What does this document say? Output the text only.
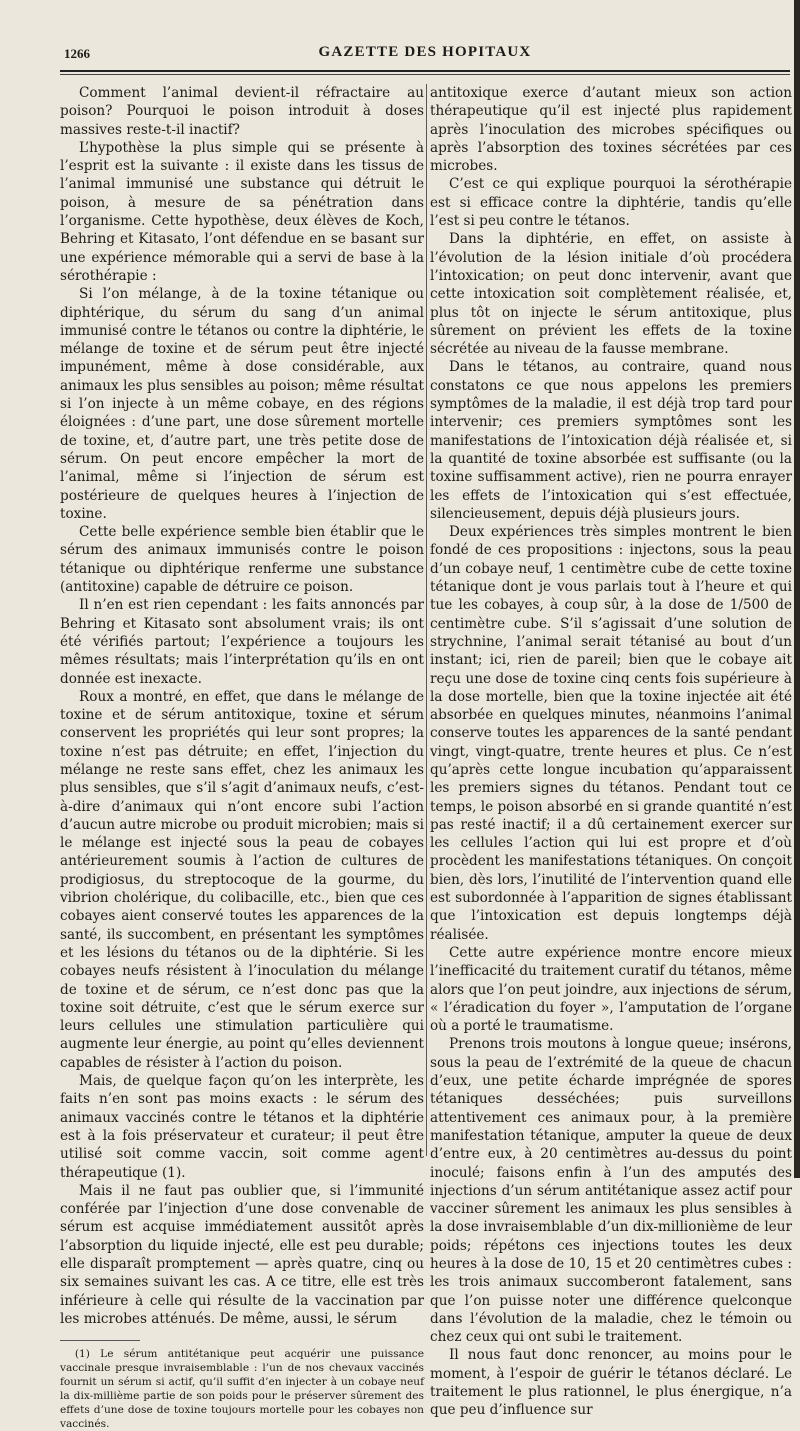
1266	GAZETTE DES HOPITAUX

Comment l’animal devient-il réfractaire au poison? Pourquoi le poison introduit à doses massives reste-t-il inactif?

L’hypothèse la plus simple qui se présente à l’esprit est la suivante : il existe dans les tissus de l’animal immunisé une substance qui détruit le poison, à mesure de sa pénétration dans l’organisme. Cette hypothèse, deux élèves de Koch, Behring et Kitasato, l’ont défendue en se basant sur une expérience mémorable qui a servi de base à la sérothérapie :

Si l’on mélange, à de la toxine tétanique ou diphtérique, du sérum du sang d’un animal immunisé contre le tétanos ou contre la diphtérie, le mélange de toxine et de sérum peut être injecté impunément, même à dose considérable, aux animaux les plus sensibles au poison; même résultat si l’on injecte à un même cobaye, en des régions éloignées : d’une part, une dose sûrement mortelle de toxine, et, d’autre part, une très petite dose de sérum. On peut encore empêcher la mort de l’animal, même si l’injection de sérum est postérieure de quelques heures à l’injection de toxine.

Cette belle expérience semble bien établir que le sérum des animaux immunisés contre le poison tétanique ou diphtérique renferme une substance (antitoxine) capable de détruire ce poison.

Il n’en est rien cependant : les faits annoncés par Behring et Kitasato sont absolument vrais; ils ont été vérifiés partout; l’expérience a toujours les mêmes résultats; mais l’interprétation qu’ils en ont donnée est inexacte.

Roux a montré, en effet, que dans le mélange de toxine et de sérum antitoxique, toxine et sérum conservent les propriétés qui leur sont propres; la toxine n’est pas détruite; en effet, l’injection du mélange ne reste sans effet, chez les animaux les plus sensibles, que s’il s’agit d’animaux neufs, c’est-à-dire d’animaux qui n’ont encore subi l’action d’aucun autre microbe ou produit microbien; mais si le mélange est injecté sous la peau de cobayes antérieurement soumis à l’action de cultures de prodigiosus, du streptocoque de la gourme, du vibrion cholérique, du colibacille, etc., bien que ces cobayes aient conservé toutes les apparences de la santé, ils succombent, en présentant les symptômes et les lésions du tétanos ou de la diphtérie. Si les cobayes neufs résistent à l’inoculation du mélange de toxine et de sérum, ce n’est donc pas que la toxine soit détruite, c’est que le sérum exerce sur leurs cellules une stimulation particulière qui augmente leur énergie, au point qu’elles deviennent capables de résister à l’action du poison.

Mais, de quelque façon qu’on les interprète, les faits n’en sont pas moins exacts : le sérum des animaux vaccinés contre le tétanos et la diphtérie est à la fois préservateur et curateur; il peut être utilisé soit comme vaccin, soit comme agent thérapeutique (1).

Mais il ne faut pas oublier que, si l’immunité conférée par l’injection d’une dose convenable de sérum est acquise immédiatement aussitôt après l’absorption du liquide injecté, elle est peu durable; elle disparaît promptement — après quatre, cinq ou six semaines suivant les cas. A ce titre, elle est très inférieure à celle qui résulte de la vaccination par les microbes atténués. De même, aussi, le sérum

(1) Le sérum antitétanique peut acquérir une puissance vaccinale presque invraisemblable : l’un de nos chevaux vaccinés fournit un sérum si actif, qu’il suffit d’en injecter à un cobaye neuf la dix-millième partie de son poids pour le préserver sûrement des effets d’une dose de toxine toujours mortelle pour les cobayes non vaccinés.

antitoxique exerce d’autant mieux son action thérapeutique qu’il est injecté plus rapidement après l’inoculation des microbes spécifiques ou après l’absorption des toxines sécrétées par ces microbes.

C’est ce qui explique pourquoi la sérothérapie est si efficace contre la diphtérie, tandis qu’elle l’est si peu contre le tétanos.

Dans la diphtérie, en effet, on assiste à l’évolution de la lésion initiale d’où procédera l’intoxication; on peut donc intervenir, avant que cette intoxication soit complètement réalisée, et, plus tôt on injecte le sérum antitoxique, plus sûrement on prévient les effets de la toxine sécrétée au niveau de la fausse membrane.

Dans le tétanos, au contraire, quand nous constatons ce que nous appelons les premiers symptômes de la maladie, il est déjà trop tard pour intervenir; ces premiers symptômes sont les manifestations de l’intoxication déjà réalisée et, si la quantité de toxine absorbée est suffisante (ou la toxine suffisamment active), rien ne pourra enrayer les effets de l’intoxication qui s’est effectuée, silencieusement, depuis déjà plusieurs jours.

Deux expériences très simples montrent le bien fondé de ces propositions : injectons, sous la peau d’un cobaye neuf, 1 centimètre cube de cette toxine tétanique dont je vous parlais tout à l’heure et qui tue les cobayes, à coup sûr, à la dose de 1/500 de centimètre cube. S’il s’agissait d’une solution de strychnine, l’animal serait tétanisé au bout d’un instant; ici, rien de pareil; bien que le cobaye ait reçu une dose de toxine cinq cents fois supérieure à la dose mortelle, bien que la toxine injectée ait été absorbée en quelques minutes, néanmoins l’animal conserve toutes les apparences de la santé pendant vingt, vingt-quatre, trente heures et plus. Ce n’est qu’après cette longue incubation qu’apparaissent les premiers signes du tétanos. Pendant tout ce temps, le poison absorbé en si grande quantité n’est pas resté inactif; il a dû certainement exercer sur les cellules l’action qui lui est propre et d’où procèdent les manifestations tétaniques. On conçoit bien, dès lors, l’inutilité de l’intervention quand elle est subordonnée à l’apparition de signes établissant que l’intoxication est depuis longtemps déjà réalisée.

Cette autre expérience montre encore mieux l’inefficacité du traitement curatif du tétanos, même alors que l’on peut joindre, aux injections de sérum, « l’éradication du foyer », l’amputation de l’organe où a porté le traumatisme.

Prenons trois moutons à longue queue; insérons, sous la peau de l’extrémité de la queue de chacun d’eux, une petite écharde imprégnée de spores tétaniques desséchées; puis surveillons attentivement ces animaux pour, à la première manifestation tétanique, amputer la queue de deux d’entre eux, à 20 centimètres au-dessus du point inoculé; faisons enfin à l’un des amputés des injections d’un sérum antitétanique assez actif pour vacciner sûrement les animaux les plus sensibles à la dose invraisemblable d’un dix-millionième de leur poids; répétons ces injections toutes les deux heures à la dose de 10, 15 et 20 centimètres cubes : les trois animaux succomberont fatalement, sans que l’on puisse noter une différence quelconque dans l’évolution de la maladie, chez le témoin ou chez ceux qui ont subi le traitement.

Il nous faut donc renoncer, au moins pour le moment, à l’espoir de guérir le tétanos déclaré. Le traitement le plus rationnel, le plus énergique, n’a que peu d’influence sur
